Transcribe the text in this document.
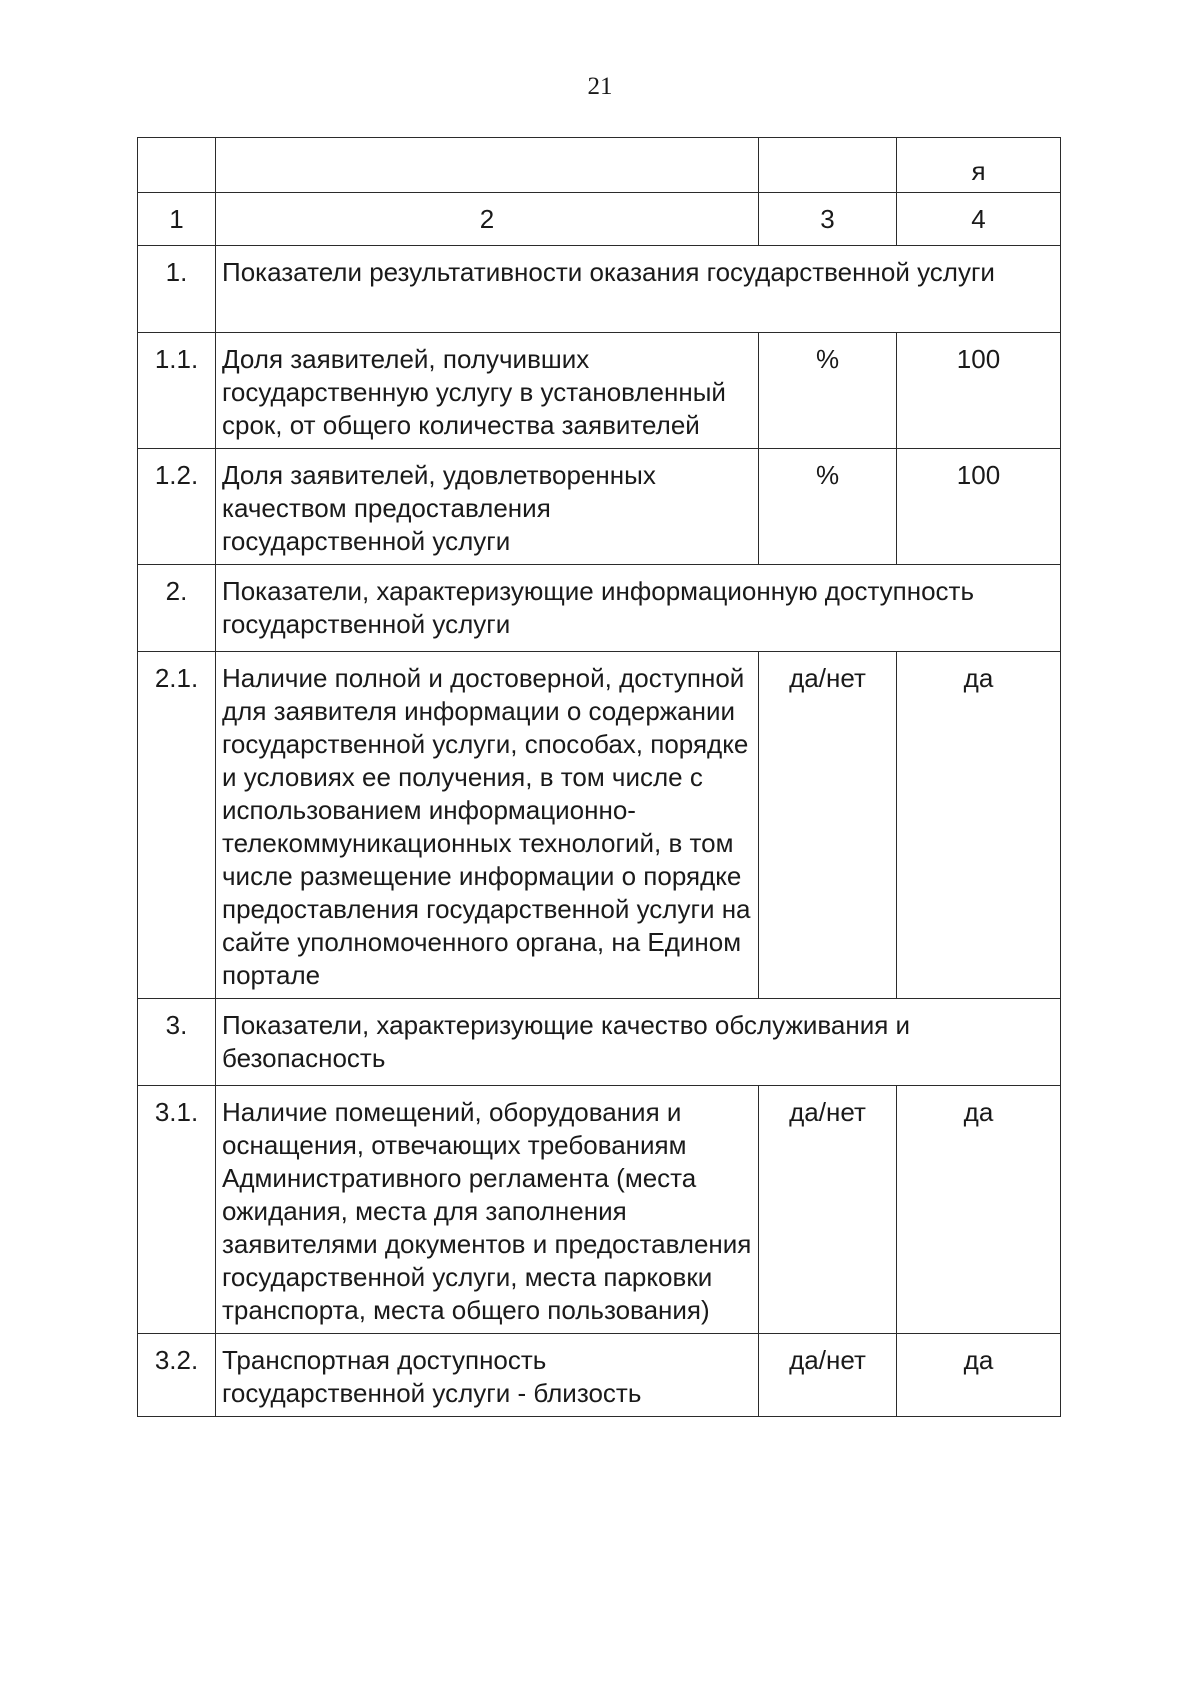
21
			я
1	2	3	4
1.	Показатели результативности оказания государственной услуги		
1.1.	Доля заявителей, получивших государственную услугу в установленный срок, от общего количества заявителей	%	100
1.2.	Доля заявителей, удовлетворенных качеством предоставления государственной услуги	%	100
2.	Показатели, характеризующие информационную доступность государственной услуги		
2.1.	Наличие полной и достоверной, доступной для заявителя информации о содержании государственной услуги, способах, порядке и условиях ее получения, в том числе с использованием информационно-телекоммуникационных технологий, в том числе размещение информации о порядке предоставления государственной услуги на сайте уполномоченного органа, на Едином портале	да/нет	да
3.	Показатели, характеризующие качество обслуживания и безопасность		
3.1.	Наличие помещений, оборудования и оснащения, отвечающих требованиям Административного регламента (места ожидания, места для заполнения заявителями документов и предоставления государственной услуги, места парковки транспорта, места общего пользования)	да/нет	да
3.2.	Транспортная доступность государственной услуги - близость	да/нет	да
